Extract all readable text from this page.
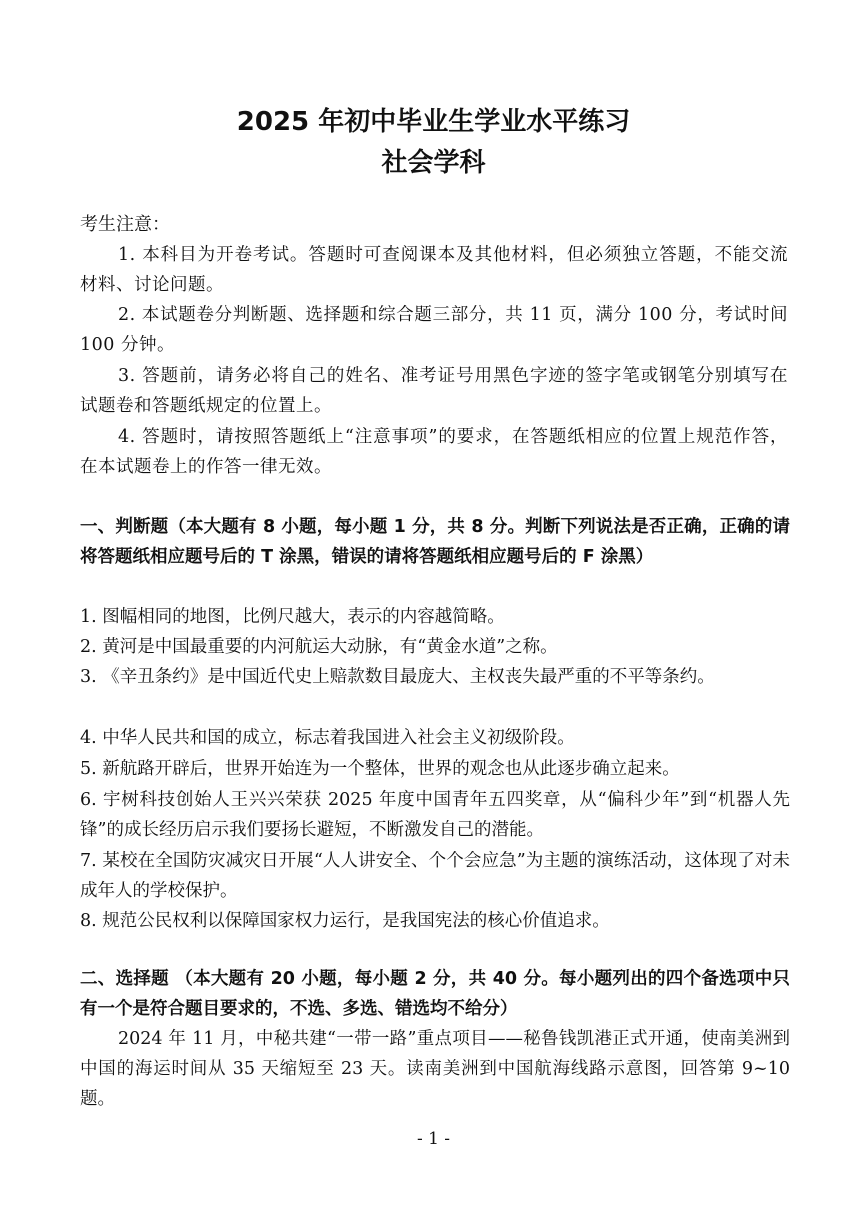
2025 年初中毕业生学业水平练习
社会学科
考生注意：

1. 本科目为开卷考试。答题时可查阅课本及其他材料，但必须独立答题，不能交流材料、讨论问题。

2. 本试题卷分判断题、选择题和综合题三部分，共 11 页，满分 100 分，考试时间 100 分钟。

3. 答题前，请务必将自己的姓名、准考证号用黑色字迹的签字笔或钢笔分别填写在试题卷和答题纸规定的位置上。

4. 答题时，请按照答题纸上“注意事项”的要求，在答题纸相应的位置上规范作答，在本试题卷上的作答一律无效。

一、判断题（本大题有 8 小题，每小题 1 分，共 8 分。判断下列说法是否正确，正确的请将答题纸相应题号后的 T 涂黑，错误的请将答题纸相应题号后的 F 涂黑）

1. 图幅相同的地图，比例尺越大，表示的内容越简略。

2. 黄河是中国最重要的内河航运大动脉，有“黄金水道”之称。

3. 《辛丑条约》是中国近代史上赔款数目最庞大、主权丧失最严重的不平等条约。

4. 中华人民共和国的成立，标志着我国进入社会主义初级阶段。

5. 新航路开辟后，世界开始连为一个整体，世界的观念也从此逐步确立起来。

6. 宇树科技创始人王兴兴荣获 2025 年度中国青年五四奖章，从“偏科少年”到“机器人先锋”的成长经历启示我们要扬长避短，不断激发自己的潜能。

7. 某校在全国防灾减灾日开展“人人讲安全、个个会应急”为主题的演练活动，这体现了对未成年人的学校保护。

8. 规范公民权利以保障国家权力运行，是我国宪法的核心价值追求。

二、选择题 （本大题有 20 小题，每小题 2 分，共 40 分。每小题列出的四个备选项中只有一个是符合题目要求的，不选、多选、错选均不给分）

2024 年 11 月，中秘共建“一带一路”重点项目——秘鲁钱凯港正式开通，使南美洲到中国的海运时间从 35 天缩短至 23 天。读南美洲到中国航海线路示意图，回答第 9~10 题。

- 1 -
